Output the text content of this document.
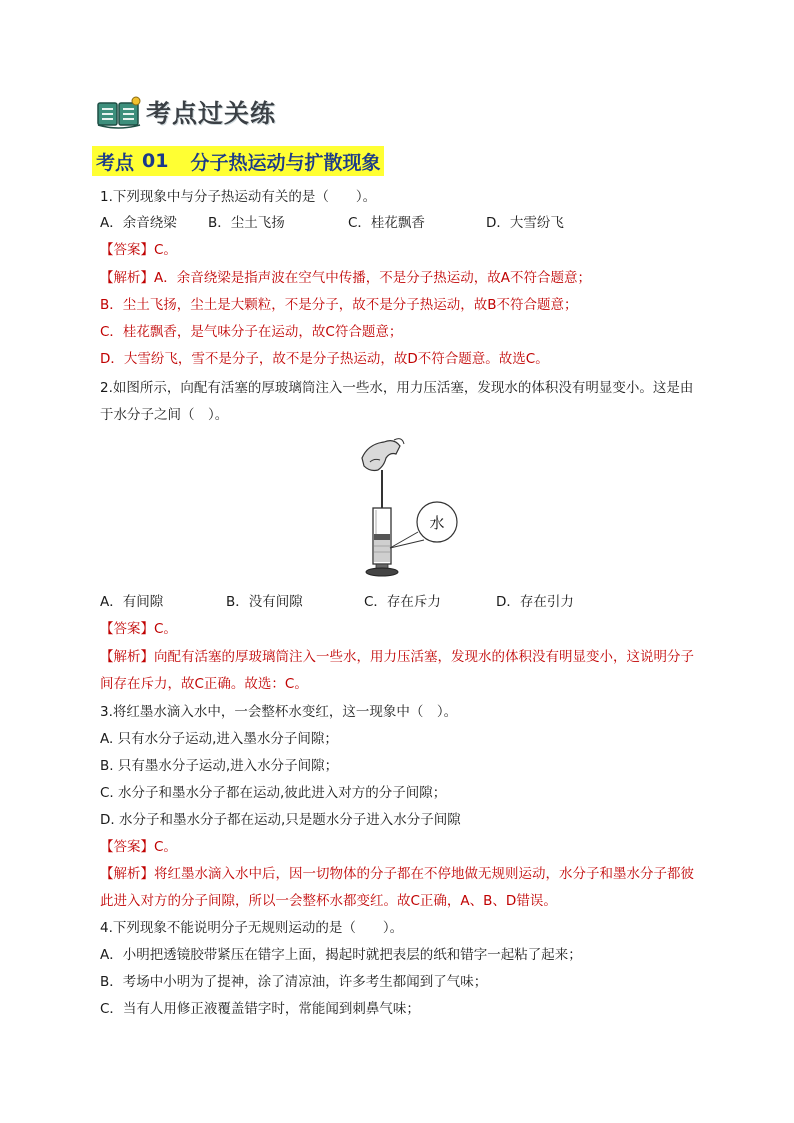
考点过关练
考点 01 分子热运动与扩散现象
1.下列现象中与分子热运动有关的是（　　）。
A．余音绕梁	B．尘土飞扬	C．桂花飘香	D．大雪纷飞
【答案】C。
【解析】A．余音绕梁是指声波在空气中传播，不是分子热运动，故A不符合题意；
B．尘土飞扬，尘土是大颗粒，不是分子，故不是分子热运动，故B不符合题意；
C．桂花飘香，是气味分子在运动，故C符合题意；
D．大雪纷飞，雪不是分子，故不是分子热运动，故D不符合题意。故选C。
2.如图所示，向配有活塞的厚玻璃筒注入一些水，用力压活塞，发现水的体积没有明显变小。这是由
于水分子之间（　）。
水
A．有间隙	B．没有间隙	C．存在斥力	D．存在引力
【答案】C。
【解析】向配有活塞的厚玻璃筒注入一些水，用力压活塞，发现水的体积没有明显变小，这说明分子
间存在斥力，故C正确。故选：C。
3.将红墨水滴入水中，一会整杯水变红，这一现象中（　）。
A. 只有水分子运动,进入墨水分子间隙；
B. 只有墨水分子运动,进入水分子间隙；
C. 水分子和墨水分子都在运动,彼此进入对方的分子间隙；
D. 水分子和墨水分子都在运动,只是题水分子进入水分子间隙
【答案】C。
【解析】将红墨水滴入水中后，因一切物体的分子都在不停地做无规则运动，水分子和墨水分子都彼
此进入对方的分子间隙，所以一会整杯水都变红。故C正确，A、B、D错误。
4.下列现象不能说明分子无规则运动的是（　　）。
A．小明把透镜胶带紧压在错字上面，揭起时就把表层的纸和错字一起粘了起来；
B．考场中小明为了提神，涂了清凉油，许多考生都闻到了气味；
C．当有人用修正液覆盖错字时，常能闻到刺鼻气味；
